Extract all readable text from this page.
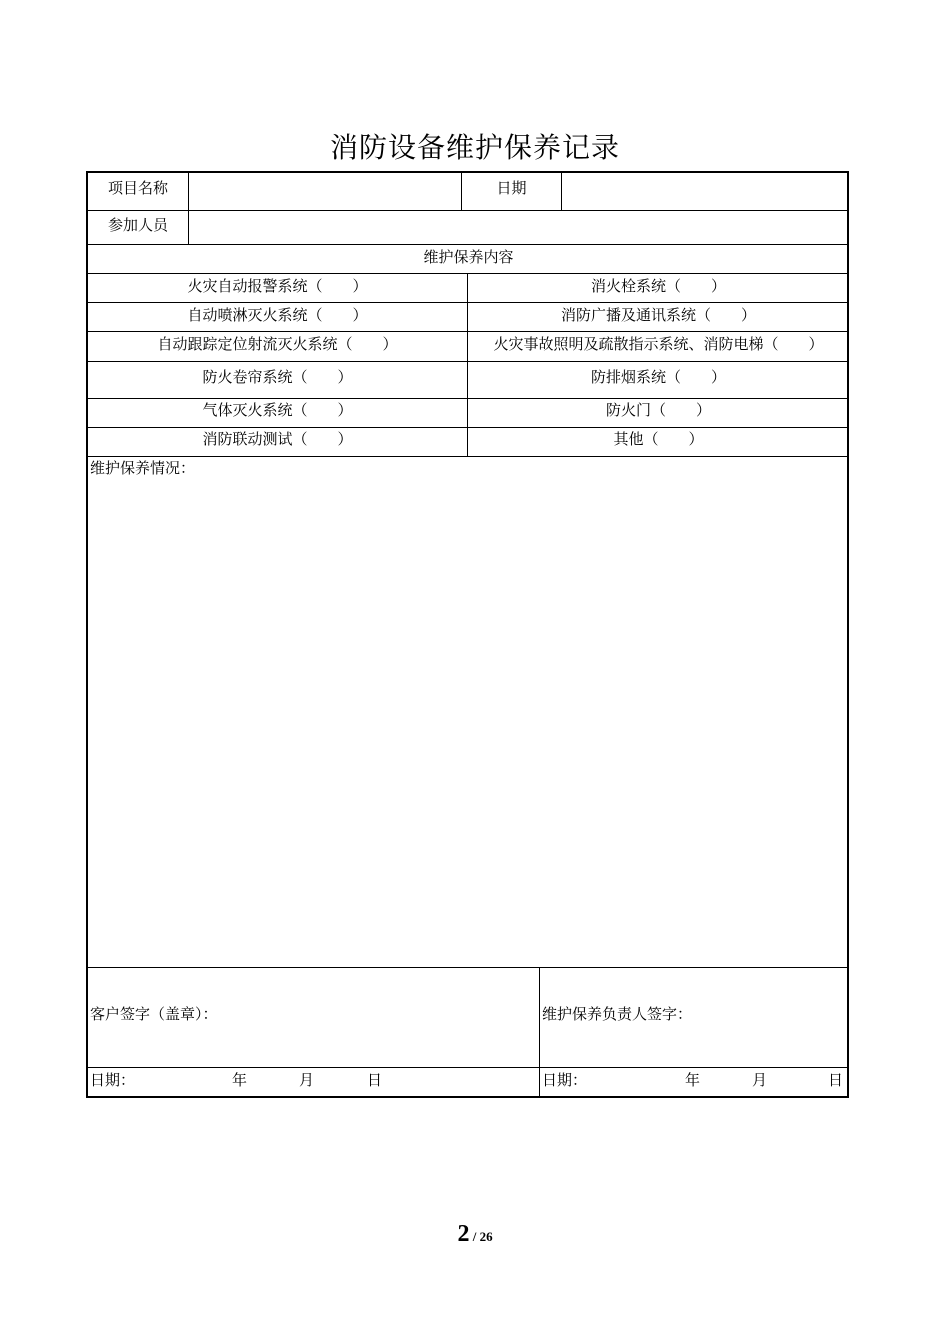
消防设备维护保养记录
项目名称	日期
参加人员
维护保养内容
火灾自动报警系统（　　）	消火栓系统（　　）
自动喷淋灭火系统（　　）	消防广播及通讯系统（　　）
自动跟踪定位射流灭火系统（　　）	火灾事故照明及疏散指示系统、消防电梯（　　）
防火卷帘系统（　　）	防排烟系统（　　）
气体灭火系统（　　）	防火门（　　）
消防联动测试（　　）	其他（　　）
维护保养情况：
客户签字（盖章）：	维护保养负责人签字：
日期：	年	月	日	日期：	年	月	日
2 / 26
